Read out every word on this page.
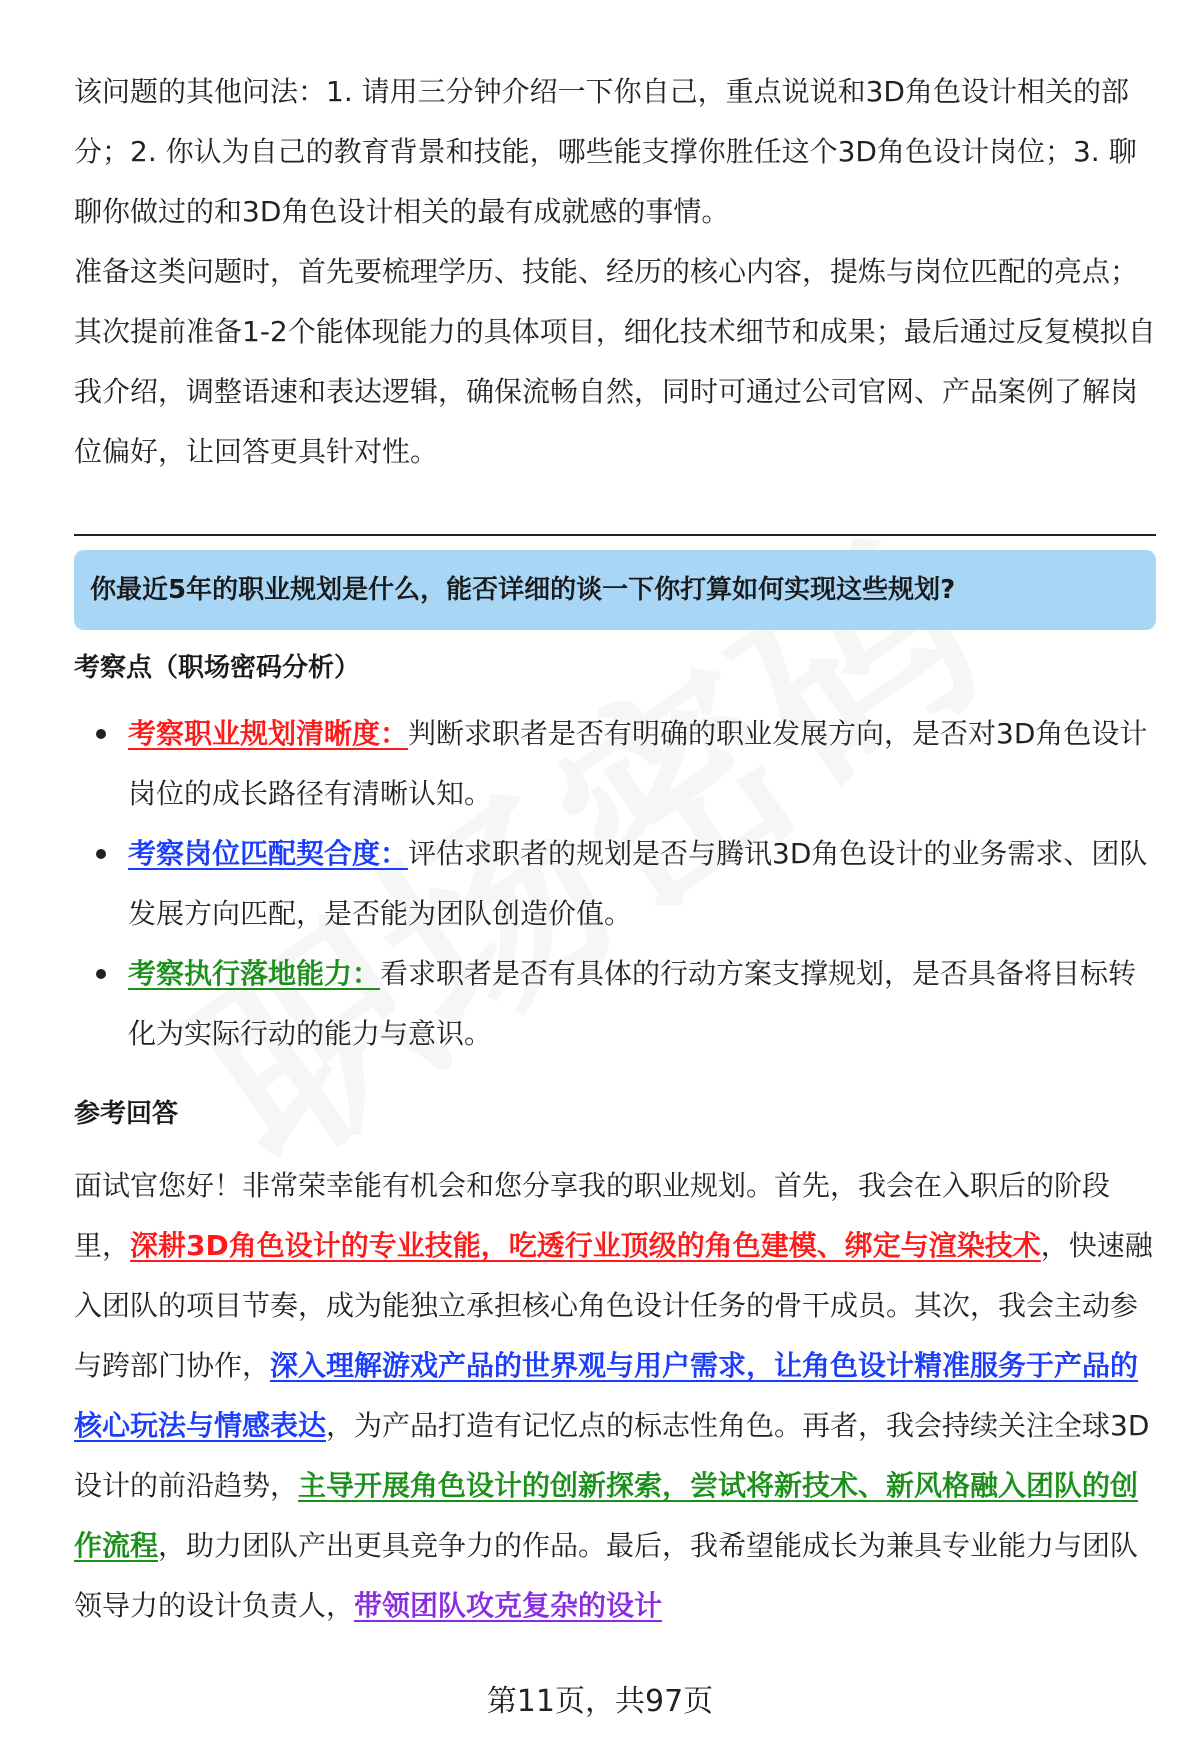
该问题的其他问法：1. 请用三分钟介绍一下你自己，重点说说和3D角色设计相关的部分；2. 你认为自己的教育背景和技能，哪些能支撑你胜任这个3D角色设计岗位；3. 聊聊你做过的和3D角色设计相关的最有成就感的事情。

准备这类问题时，首先要梳理学历、技能、经历的核心内容，提炼与岗位匹配的亮点；其次提前准备1-2个能体现能力的具体项目，细化技术细节和成果；最后通过反复模拟自我介绍，调整语速和表达逻辑，确保流畅自然，同时可通过公司官网、产品案例了解岗位偏好，让回答更具针对性。

你最近5年的职业规划是什么，能否详细的谈一下你打算如何实现这些规划?
考察点（职场密码分析）
考察职业规划清晰度：判断求职者是否有明确的职业发展方向，是否对3D角色设计岗位的成长路径有清晰认知。
考察岗位匹配契合度：评估求职者的规划是否与腾讯3D角色设计的业务需求、团队发展方向匹配，是否能为团队创造价值。
考察执行落地能力：看求职者是否有具体的行动方案支撑规划，是否具备将目标转化为实际行动的能力与意识。
参考回答

面试官您好！非常荣幸能有机会和您分享我的职业规划。首先，我会在入职后的阶段里，深耕3D角色设计的专业技能，吃透行业顶级的角色建模、绑定与渲染技术，快速融入团队的项目节奏，成为能独立承担核心角色设计任务的骨干成员。其次，我会主动参与跨部门协作，深入理解游戏产品的世界观与用户需求，让角色设计精准服务于产品的核心玩法与情感表达，为产品打造有记忆点的标志性角色。再者，我会持续关注全球3D设计的前沿趋势，主导开展角色设计的创新探索，尝试将新技术、新风格融入团队的创作流程，助力团队产出更具竞争力的作品。最后，我希望能成长为兼具专业能力与团队领导力的设计负责人，带领团队攻克复杂的设计

第11页，共97页
